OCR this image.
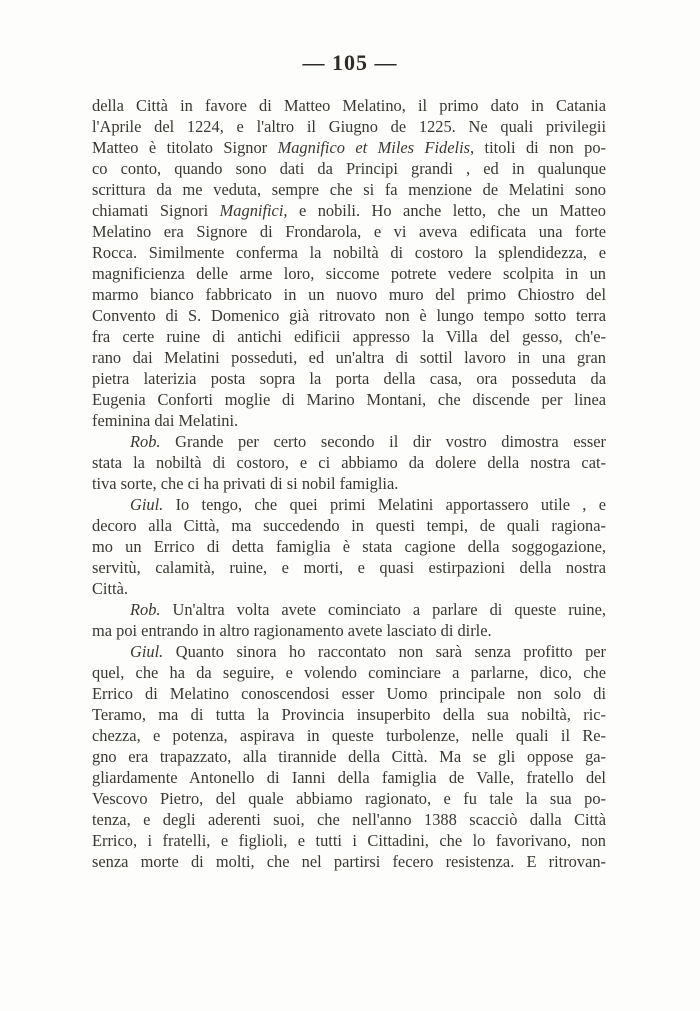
— 105 —
della Città in favore di Matteo Melatino, il primo dato in Catania
l'Aprile del 1224, e l'altro il Giugno de 1225. Ne quali privilegii
Matteo è titolato Signor Magnifico et Miles Fidelis, titoli di non po-
co conto, quando sono dati da Principi grandi , ed in qualunque
scrittura da me veduta, sempre che si fa menzione de Melatini sono
chiamati Signori Magnifici, e nobili. Ho anche letto, che un Matteo
Melatino era Signore di Frondarola, e vi aveva edificata una forte
Rocca. Similmente conferma la nobiltà di costoro la splendidezza, e
magnificienza delle arme loro, siccome potrete vedere scolpita in un
marmo bianco fabbricato in un nuovo muro del primo Chiostro del
Convento di S. Domenico già ritrovato non è lungo tempo sotto terra
fra certe ruine di antichi edificii appresso la Villa del gesso, ch'e-
rano dai Melatini posseduti, ed un'altra di sottil lavoro in una gran
pietra laterizia posta sopra la porta della casa, ora posseduta da
Eugenia Conforti moglie di Marino Montani, che discende per linea
feminina dai Melatini.
Rob. Grande per certo secondo il dir vostro dimostra esser
stata la nobiltà di costoro, e ci abbiamo da dolere della nostra cat-
tiva sorte, che ci ha privati di si nobil famiglia.
Giul. Io tengo, che quei primi Melatini apportassero utile , e
decoro alla Città, ma succedendo in questi tempi, de quali ragiona-
mo un Errico di detta famiglia è stata cagione della soggogazione,
servitù, calamità, ruine, e morti, e quasi estirpazioni della nostra
Città.
Rob. Un'altra volta avete cominciato a parlare di queste ruine,
ma poi entrando in altro ragionamento avete lasciato di dirle.
Giul. Quanto sinora ho raccontato non sarà senza profitto per
quel, che ha da seguire, e volendo cominciare a parlarne, dico, che
Errico di Melatino conoscendosi esser Uomo principale non solo di
Teramo, ma di tutta la Provincia insuperbito della sua nobiltà, ric-
chezza, e potenza, aspirava in queste turbolenze, nelle quali il Re-
gno era trapazzato, alla tirannide della Città. Ma se gli oppose ga-
gliardamente Antonello di Ianni della famiglia de Valle, fratello del
Vescovo Pietro, del quale abbiamo ragionato, e fu tale la sua po-
tenza, e degli aderenti suoi, che nell'anno 1388 scacciò dalla Città
Errico, i fratelli, e figlioli, e tutti i Cittadini, che lo favorivano, non
senza morte di molti, che nel partirsi fecero resistenza. E ritrovan-
